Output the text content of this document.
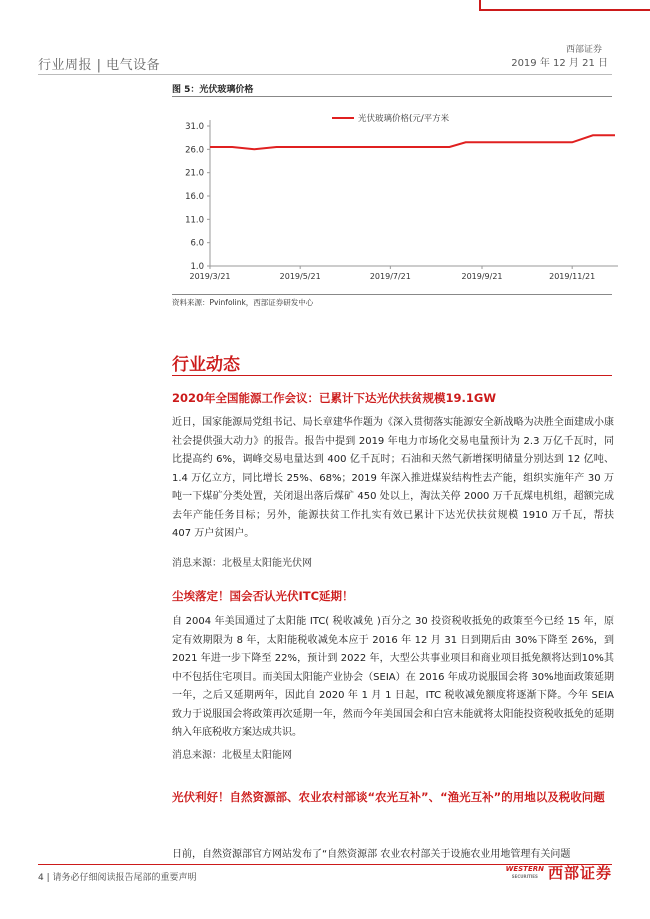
行业周报 | 电气设备
西部证券
2019 年 12 月 21 日
图 5：光伏玻璃价格
31.0
26.0
21.0
16.0
11.0
6.0
1.0
2019/3/21	2019/5/21	2019/7/21	2019/9/21	2019/11/21
光伏玻璃价格(元/平方米
资料来源：Pvinfolink，西部证券研发中心
行业动态
2020年全国能源工作会议：已累计下达光伏扶贫规模19.1GW
近日，国家能源局党组书记、局长章建华作题为《深入贯彻落实能源安全新战略为决胜全面建成小康社会提供强大动力》的报告。报告中提到 2019 年电力市场化交易电量预计为 2.3 万亿千瓦时，同比提高约 6%，调峰交易电量达到 400 亿千瓦时；石油和天然气新增探明储量分别达到 12 亿吨、1.4 万亿立方，同比增长 25%、68%；2019 年深入推进煤炭结构性去产能，组织实施年产 30 万吨一下煤矿分类处置，关闭退出落后煤矿 450 处以上，淘汰关停 2000 万千瓦煤电机组，超额完成去年产能任务目标；另外，能源扶贫工作扎实有效已累计下达光伏扶贫规模 1910 万千瓦，帮扶 407 万户贫困户。
消息来源：北极星太阳能光伏网
尘埃落定！国会否认光伏ITC延期！
自 2004 年美国通过了太阳能 ITC( 税收减免 )百分之 30 投资税收抵免的政策至今已经 15 年，原定有效期限为 8 年，太阳能税收减免本应于 2016 年 12 月 31 日到期后由 30%下降至 26%，到 2021 年进一步下降至 22%，预计到 2022 年，大型公共事业项目和商业项目抵免额将达到10%其中不包括住宅项目。而美国太阳能产业协会（SEIA）在 2016 年成功说服国会将 30%地面政策延期一年，之后又延期两年，因此自 2020 年 1 月 1 日起，ITC 税收减免额度将逐渐下降。今年 SEIA 致力于说服国会将政策再次延期一年，然而今年美国国会和白宫未能就将太阳能投资税收抵免的延期纳入年底税收方案达成共识。
消息来源：北极星太阳能网
光伏利好！自然资源部、农业农村部谈“农光互补”、“渔光互补”的用地以及税收问题
日前，自然资源部官方网站发布了“自然资源部 农业农村部关于设施农业用地管理有关问题
4 | 请务必仔细阅读报告尾部的重要声明
WESTERN
SECURITIES 西部证券
